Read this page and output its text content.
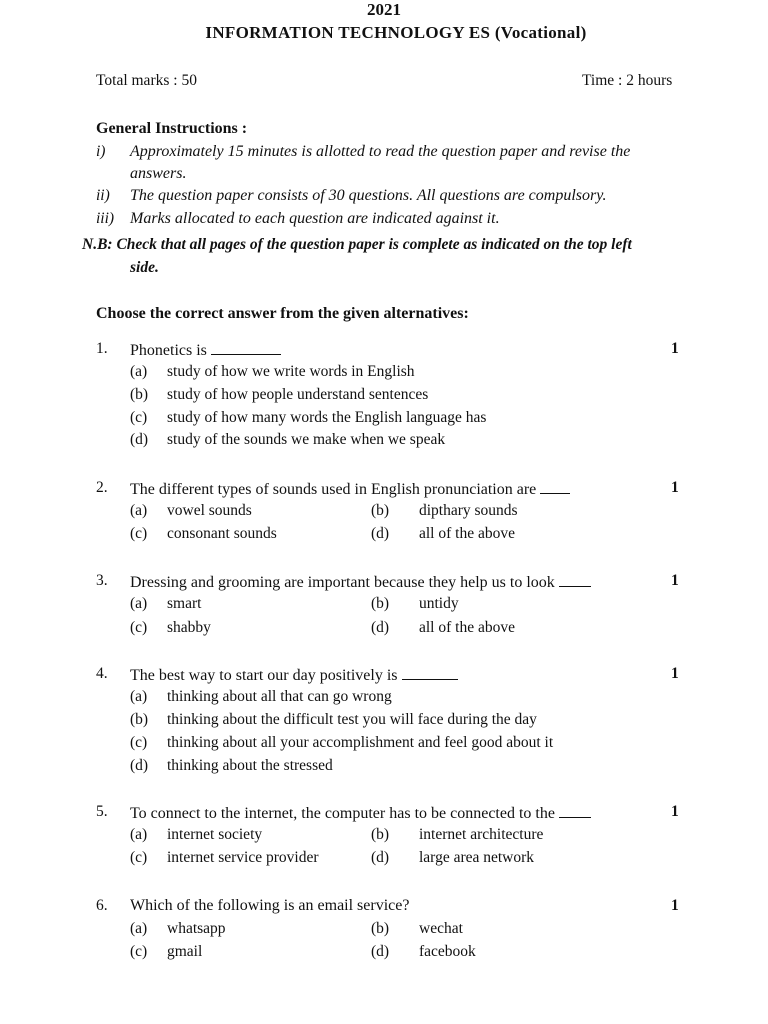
2021
INFORMATION TECHNOLOGY ES (Vocational)
Total marks : 50	Time : 2 hours
General Instructions :
i) Approximately 15 minutes is allotted to read the question paper and revise the
answers.
ii) The question paper consists of 30 questions. All questions are compulsory.
iii) Marks allocated to each question are indicated against it.
N.B: Check that all pages of the question paper is complete as indicated on the top left
side.
Choose the correct answer from the given alternatives:
1. Phonetics is	1
(a) study of how we write words in English
(b) study of how people understand sentences
(c) study of how many words the English language has
(d) study of the sounds we make when we speak
2. The different types of sounds used in English pronunciation are	1
(a) vowel sounds	(b) dipthary sounds
(c) consonant sounds	(d) all of the above
3. Dressing and grooming are important because they help us to look	1
(a) smart	(b) untidy
(c) shabby	(d) all of the above
4. The best way to start our day positively is	1
(a) thinking about all that can go wrong
(b) thinking about the difficult test you will face during the day
(c) thinking about all your accomplishment and feel good about it
(d) thinking about the stressed
5. To connect to the internet, the computer has to be connected to the	1
(a) internet society	(b) internet architecture
(c) internet service provider	(d) large area network
6. Which of the following is an email service?	1
(a) whatsapp	(b) wechat
(c) gmail	(d) facebook
